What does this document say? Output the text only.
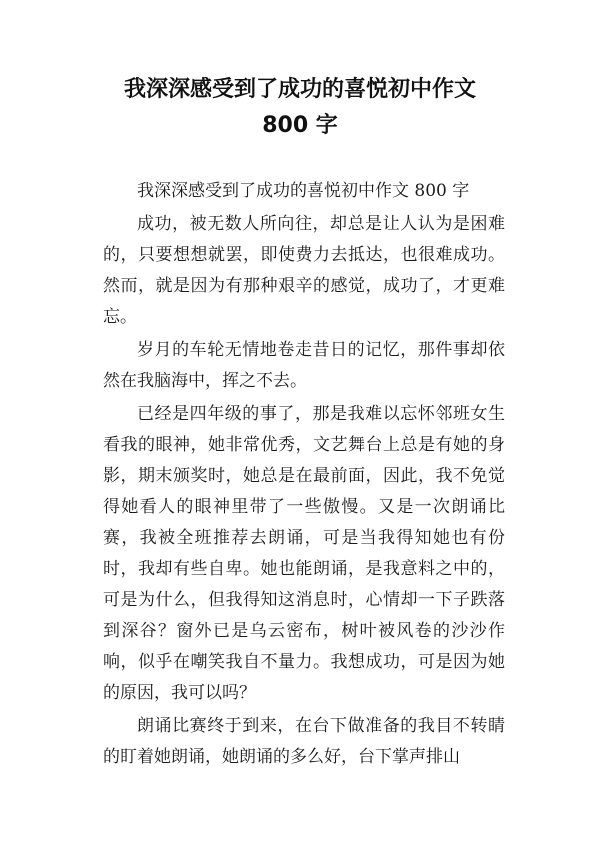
我深深感受到了成功的喜悦初中作文
800 字

我深深感受到了成功的喜悦初中作文 800 字

成功，被无数人所向往，却总是让人认为是困难的，只要想想就罢，即使费力去抵达，也很难成功。然而，就是因为有那种艰辛的感觉，成功了，才更难忘。

岁月的车轮无情地卷走昔日的记忆，那件事却依然在我脑海中，挥之不去。

已经是四年级的事了，那是我难以忘怀邻班女生看我的眼神，她非常优秀，文艺舞台上总是有她的身影，期末颁奖时，她总是在最前面，因此，我不免觉得她看人的眼神里带了一些傲慢。又是一次朗诵比赛，我被全班推荐去朗诵，可是当我得知她也有份时，我却有些自卑。她也能朗诵，是我意料之中的，可是为什么，但我得知这消息时，心情却一下子跌落到深谷？窗外已是乌云密布，树叶被风卷的沙沙作响，似乎在嘲笑我自不量力。我想成功，可是因为她的原因，我可以吗？

朗诵比赛终于到来，在台下做准备的我目不转睛的盯着她朗诵，她朗诵的多么好，台下掌声排山
